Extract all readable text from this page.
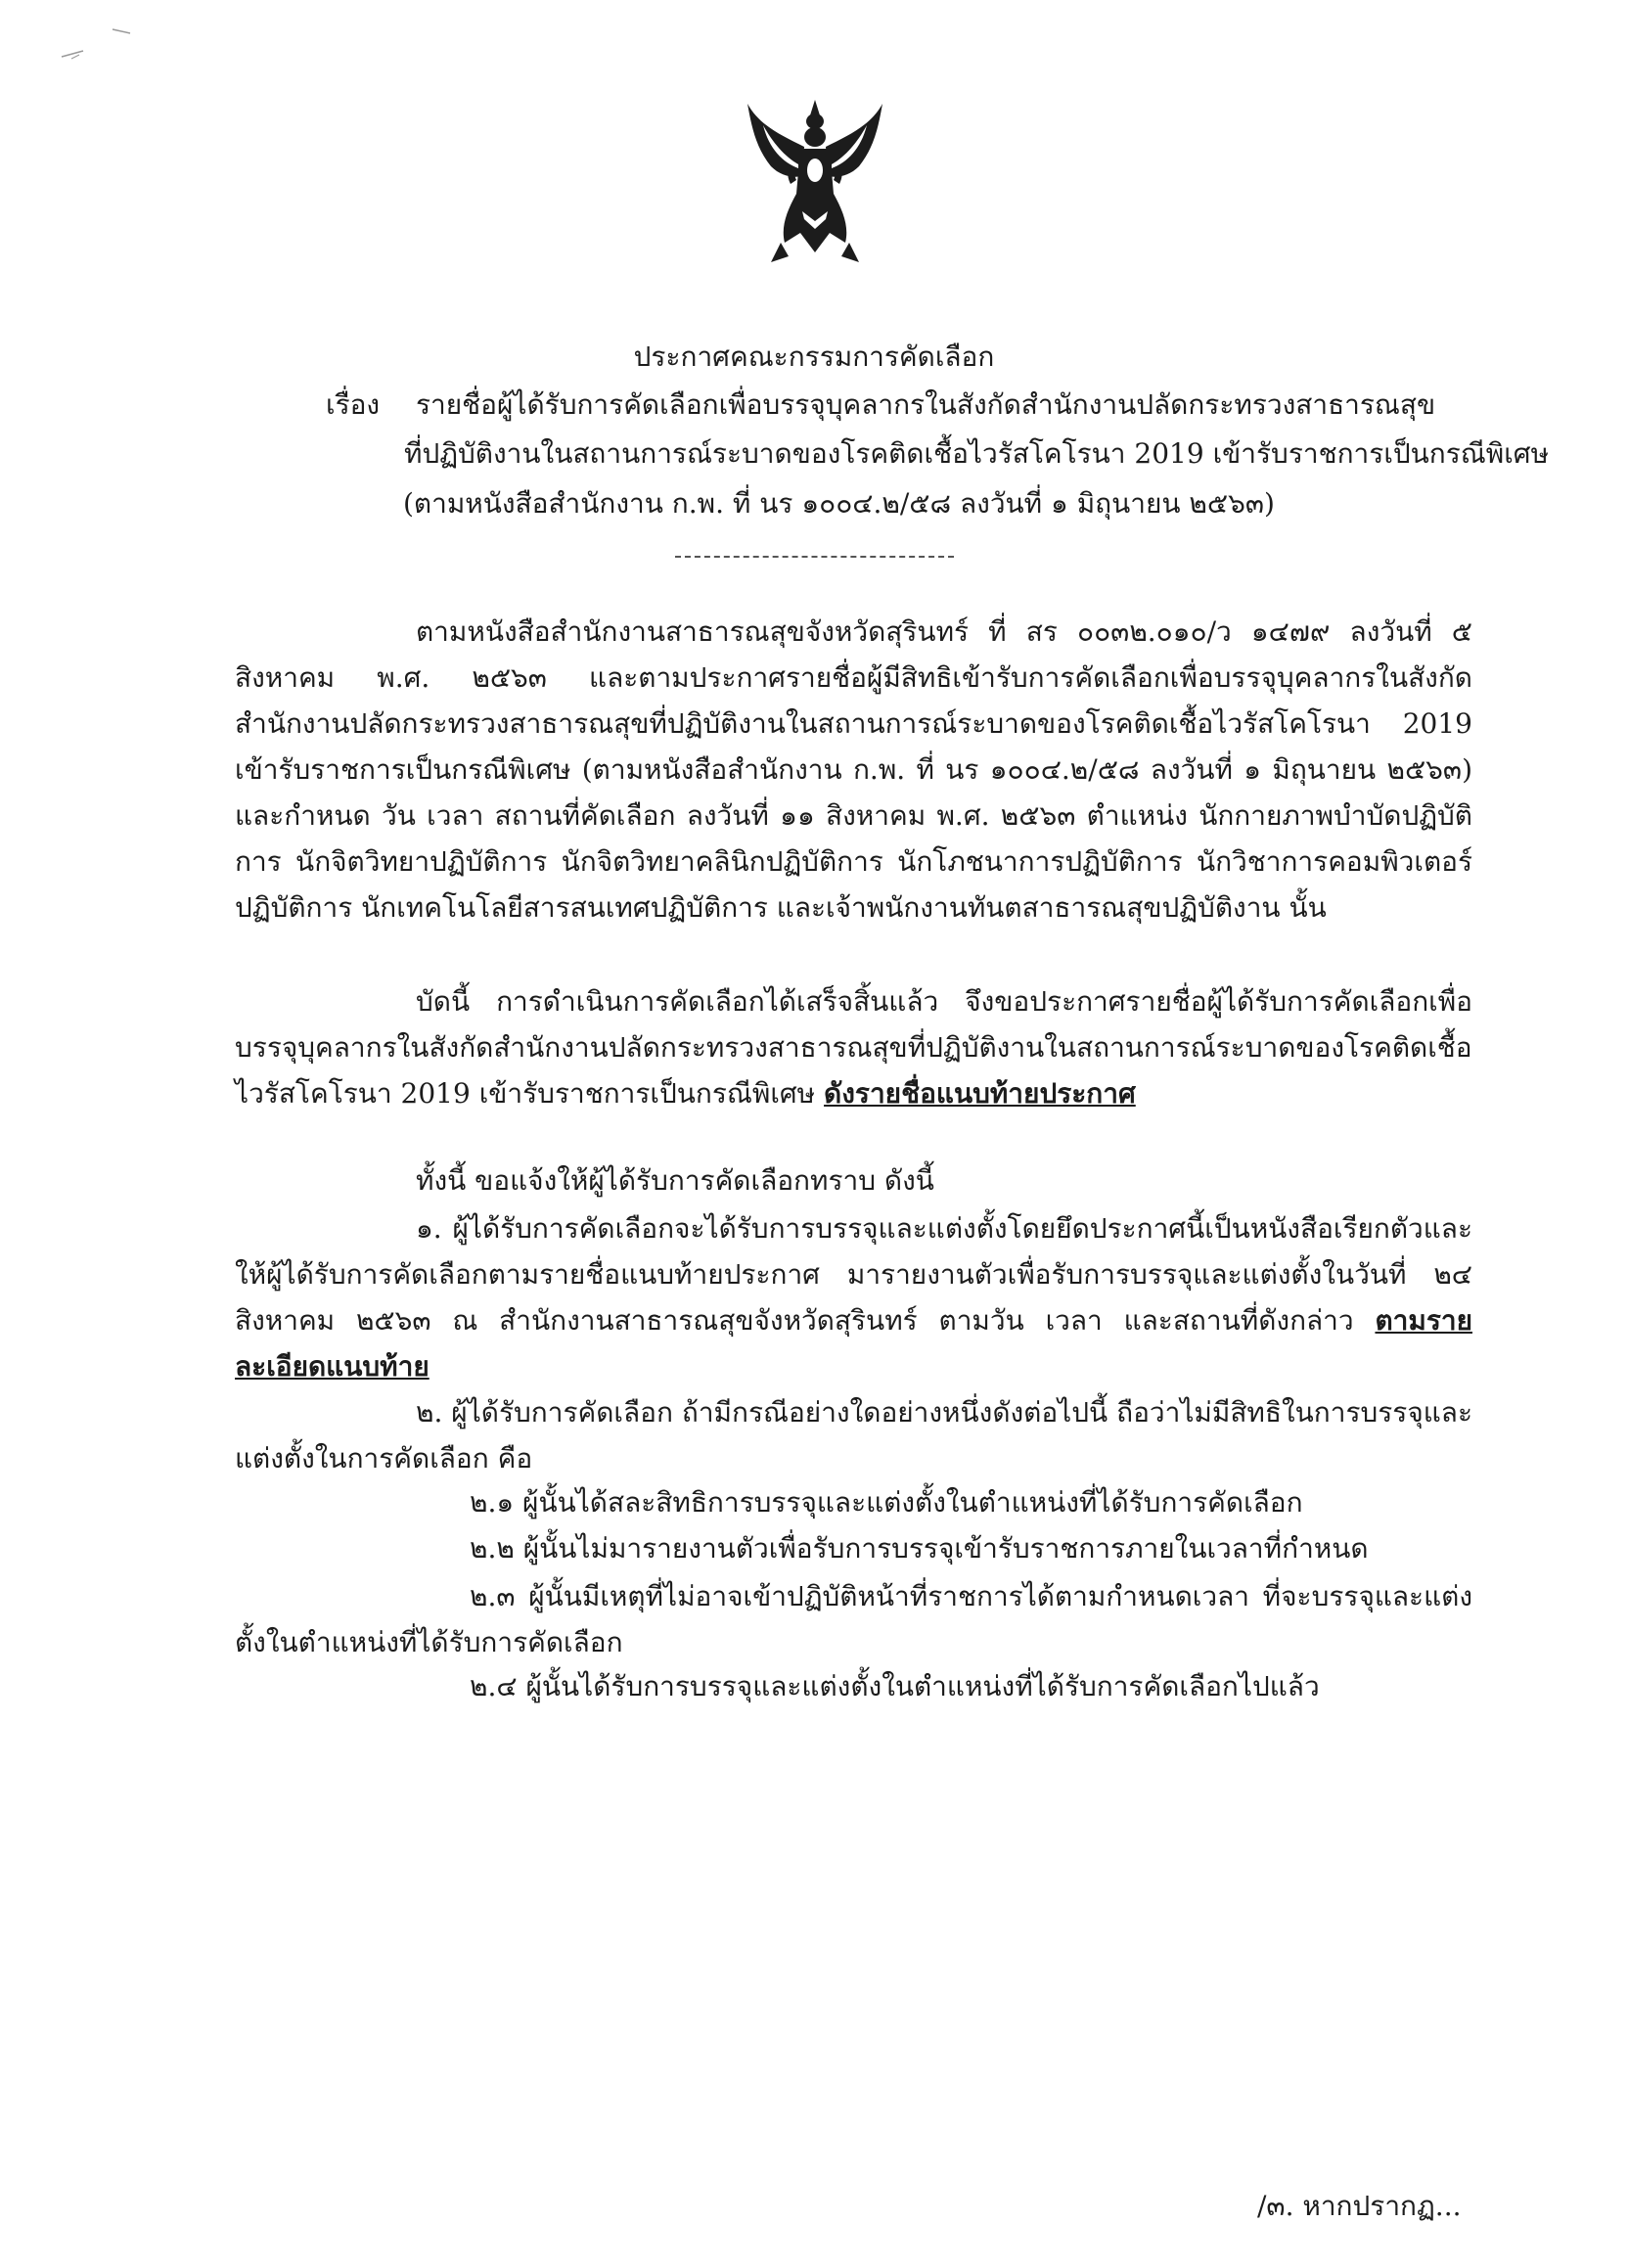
ประกาศคณะกรรมการคัดเลือก
เรื่อง รายชื่อผู้ได้รับการคัดเลือกเพื่อบรรจุบุคลากรในสังกัดสำนักงานปลัดกระทรวงสาธารณสุข
ที่ปฏิบัติงานในสถานการณ์ระบาดของโรคติดเชื้อไวรัสโคโรนา 2019 เข้ารับราชการเป็นกรณีพิเศษ
(ตามหนังสือสำนักงาน ก.พ. ที่ นร ๑๐๐๔.๒/๕๘ ลงวันที่ ๑ มิถุนายน ๒๕๖๓)
ตามหนังสือสำนักงานสาธารณสุขจังหวัดสุรินทร์ ที่ สร ๐๐๓๒.๐๑๐/ว ๑๔๗๙ ลงวันที่ ๕ สิงหาคม พ.ศ. ๒๕๖๓ และตามประกาศรายชื่อผู้มีสิทธิเข้ารับการคัดเลือกเพื่อบรรจุบุคลากรในสังกัดสำนักงานปลัดกระทรวงสาธารณสุขที่ปฏิบัติงานในสถานการณ์ระบาดของโรคติดเชื้อไวรัสโคโรนา 2019 เข้ารับราชการเป็นกรณีพิเศษ (ตามหนังสือสำนักงาน ก.พ. ที่ นร ๑๐๐๔.๒/๕๘ ลงวันที่ ๑ มิถุนายน ๒๕๖๓) และกำหนด วัน เวลา สถานที่คัดเลือก ลงวันที่ ๑๑ สิงหาคม พ.ศ. ๒๕๖๓ ตำแหน่ง นักกายภาพบำบัดปฏิบัติการ นักจิตวิทยาปฏิบัติการ นักจิตวิทยาคลินิกปฏิบัติการ นักโภชนาการปฏิบัติการ นักวิชาการคอมพิวเตอร์ปฏิบัติการ นักเทคโนโลยีสารสนเทศปฏิบัติการ และเจ้าพนักงานทันตสาธารณสุขปฏิบัติงาน นั้น
บัดนี้ การดำเนินการคัดเลือกได้เสร็จสิ้นแล้ว จึงขอประกาศรายชื่อผู้ได้รับการคัดเลือกเพื่อบรรจุบุคลากรในสังกัดสำนักงานปลัดกระทรวงสาธารณสุขที่ปฏิบัติงานในสถานการณ์ระบาดของโรคติดเชื้อไวรัสโคโรนา 2019 เข้ารับราชการเป็นกรณีพิเศษ ดังรายชื่อแนบท้ายประกาศ
ทั้งนี้ ขอแจ้งให้ผู้ได้รับการคัดเลือกทราบ ดังนี้
๑. ผู้ได้รับการคัดเลือกจะได้รับการบรรจุและแต่งตั้งโดยยึดประกาศนี้เป็นหนังสือเรียกตัวและให้ผู้ได้รับการคัดเลือกตามรายชื่อแนบท้ายประกาศ มารายงานตัวเพื่อรับการบรรจุและแต่งตั้งในวันที่ ๒๔ สิงหาคม ๒๕๖๓ ณ สำนักงานสาธารณสุขจังหวัดสุรินทร์ ตามวัน เวลา และสถานที่ดังกล่าว ตามรายละเอียดแนบท้าย
๒. ผู้ได้รับการคัดเลือก ถ้ามีกรณีอย่างใดอย่างหนึ่งดังต่อไปนี้ ถือว่าไม่มีสิทธิในการบรรจุและแต่งตั้งในการคัดเลือก คือ
๒.๑ ผู้นั้นได้สละสิทธิการบรรจุและแต่งตั้งในตำแหน่งที่ได้รับการคัดเลือก
๒.๒ ผู้นั้นไม่มารายงานตัวเพื่อรับการบรรจุเข้ารับราชการภายในเวลาที่กำหนด
๒.๓ ผู้นั้นมีเหตุที่ไม่อาจเข้าปฏิบัติหน้าที่ราชการได้ตามกำหนดเวลา ที่จะบรรจุและแต่งตั้งในตำแหน่งที่ได้รับการคัดเลือก
๒.๔ ผู้นั้นได้รับการบรรจุและแต่งตั้งในตำแหน่งที่ได้รับการคัดเลือกไปแล้ว
/๓. หากปรากฏ...
